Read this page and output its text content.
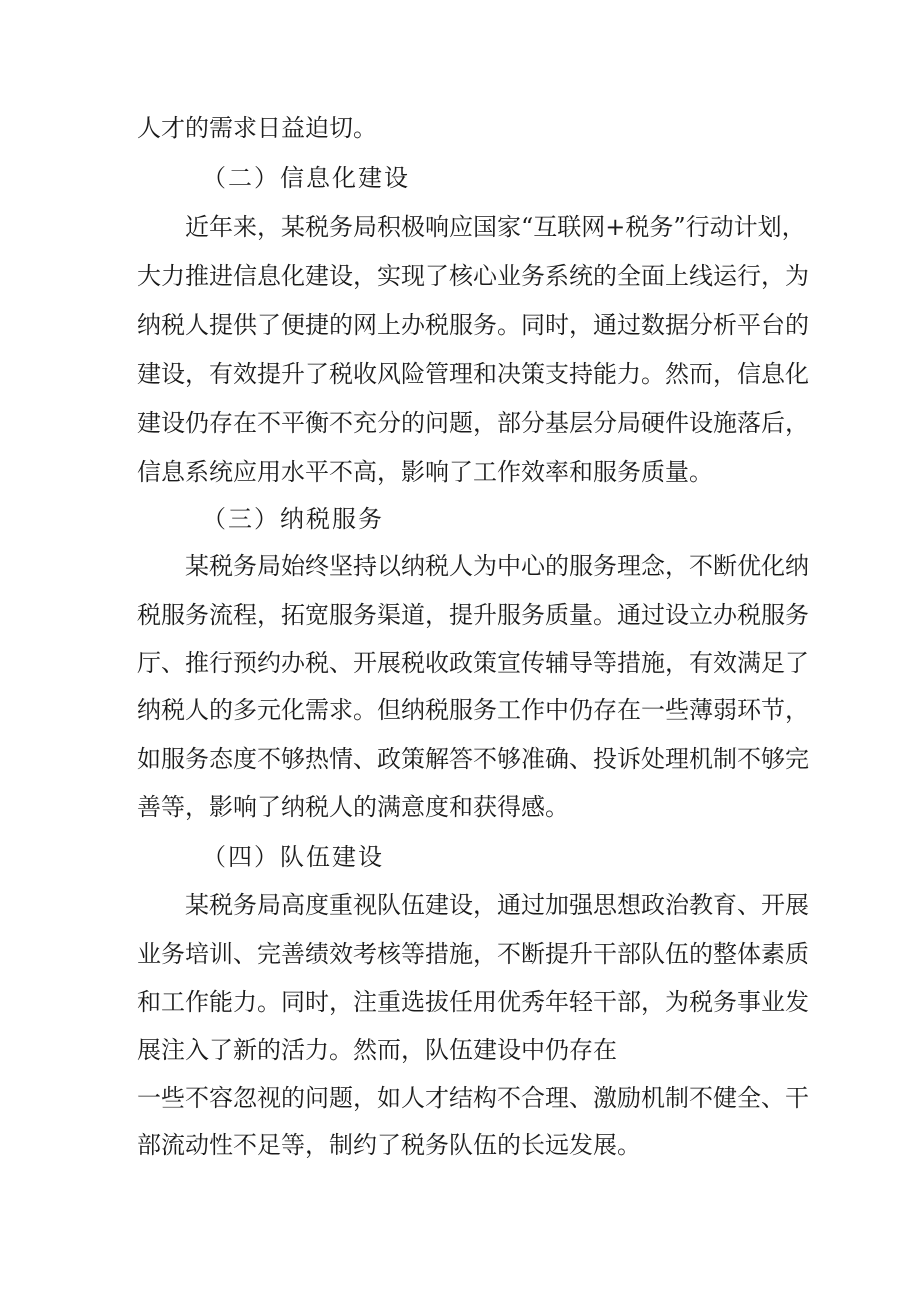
人才的需求日益迫切。
（二）信息化建设
近年来，某税务局积极响应国家“互联网+税务”行动计划，
大力推进信息化建设，实现了核心业务系统的全面上线运行，为
纳税人提供了便捷的网上办税服务。同时，通过数据分析平台的
建设，有效提升了税收风险管理和决策支持能力。然而，信息化
建设仍存在不平衡不充分的问题，部分基层分局硬件设施落后，
信息系统应用水平不高，影响了工作效率和服务质量。
（三）纳税服务
某税务局始终坚持以纳税人为中心的服务理念，不断优化纳
税服务流程，拓宽服务渠道，提升服务质量。通过设立办税服务
厅、推行预约办税、开展税收政策宣传辅导等措施，有效满足了
纳税人的多元化需求。但纳税服务工作中仍存在一些薄弱环节，
如服务态度不够热情、政策解答不够准确、投诉处理机制不够完
善等，影响了纳税人的满意度和获得感。
（四）队伍建设
某税务局高度重视队伍建设，通过加强思想政治教育、开展
业务培训、完善绩效考核等措施，不断提升干部队伍的整体素质
和工作能力。同时，注重选拔任用优秀年轻干部，为税务事业发
展注入了新的活力。然而，队伍建设中仍存在
一些不容忽视的问题，如人才结构不合理、激励机制不健全、干
部流动性不足等，制约了税务队伍的长远发展。
